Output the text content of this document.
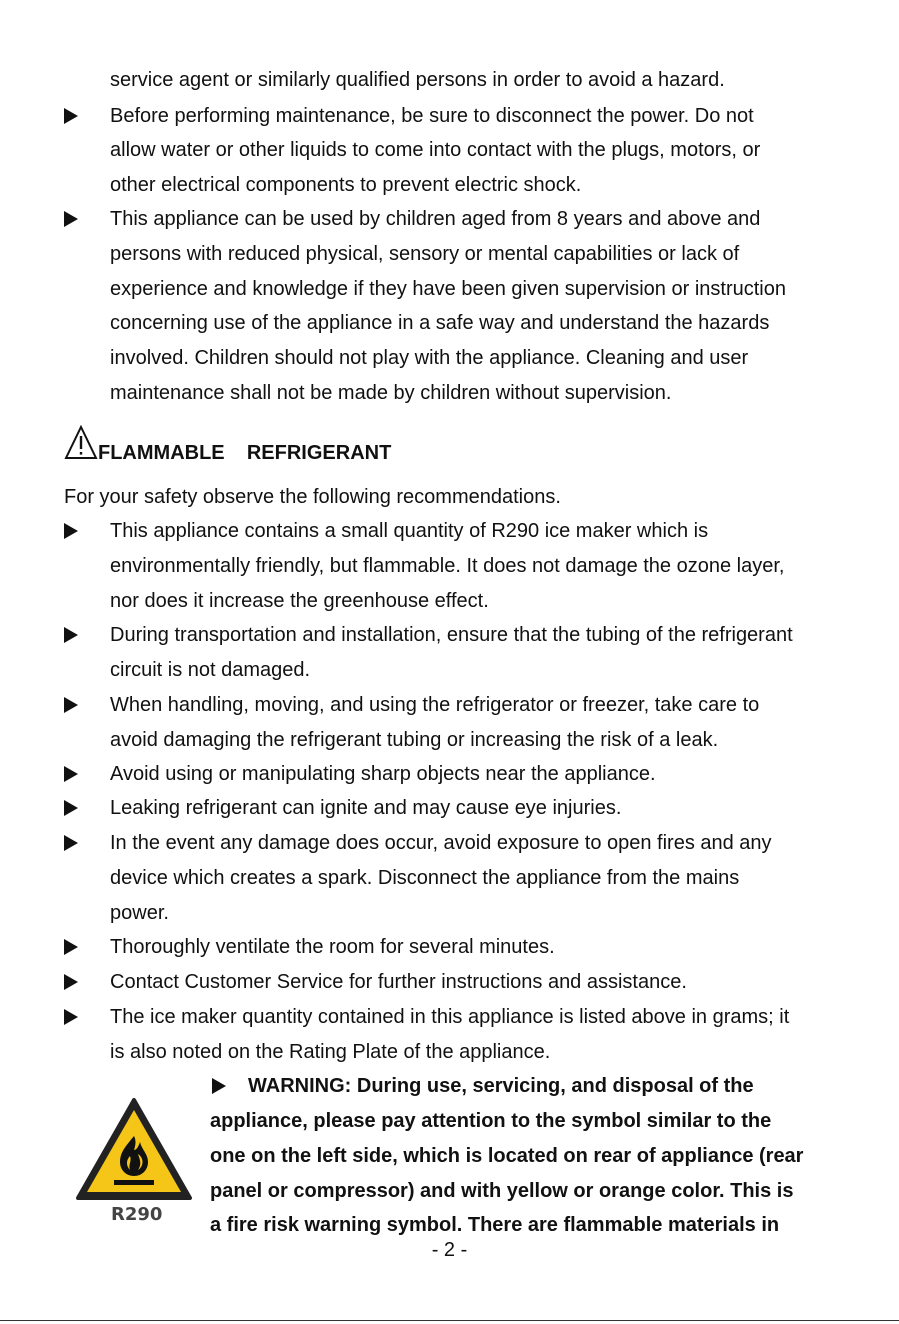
service agent or similarly qualified persons in order to avoid a hazard.
Before performing maintenance, be sure to disconnect the power. Do not
allow water or other liquids to come into contact with the plugs, motors, or
other electrical components to prevent electric shock.
This appliance can be used by children aged from 8 years and above and
persons with reduced physical, sensory or mental capabilities or lack of
experience and knowledge if they have been given supervision or instruction
concerning use of the appliance in a safe way and understand the hazards
involved. Children should not play with the appliance. Cleaning and user
maintenance shall not be made by children without supervision.
FLAMMABLE    REFRIGERANT
For your safety observe the following recommendations.
This appliance contains a small quantity of R290 ice maker which is
environmentally friendly, but flammable. It does not damage the ozone layer,
nor does it increase the greenhouse effect.
During transportation and installation, ensure that the tubing of the refrigerant
circuit is not damaged.
When handling, moving, and using the refrigerator or freezer, take care to
avoid damaging the refrigerant tubing or increasing the risk of a leak.
Avoid using or manipulating sharp objects near the appliance.
Leaking refrigerant can ignite and may cause eye injuries.
In the event any damage does occur, avoid exposure to open fires and any
device which creates a spark. Disconnect the appliance from the mains
power.
Thoroughly ventilate the room for several minutes.
Contact Customer Service for further instructions and assistance.
The ice maker quantity contained in this appliance is listed above in grams; it
is also noted on the Rating Plate of the appliance.
WARNING: During use, servicing, and disposal of the
appliance, please pay attention to the symbol similar to the
one on the left side, which is located on rear of appliance (rear
panel or compressor) and with yellow or orange color. This is
a fire risk warning symbol. There are flammable materials in
R290
- 2 -
